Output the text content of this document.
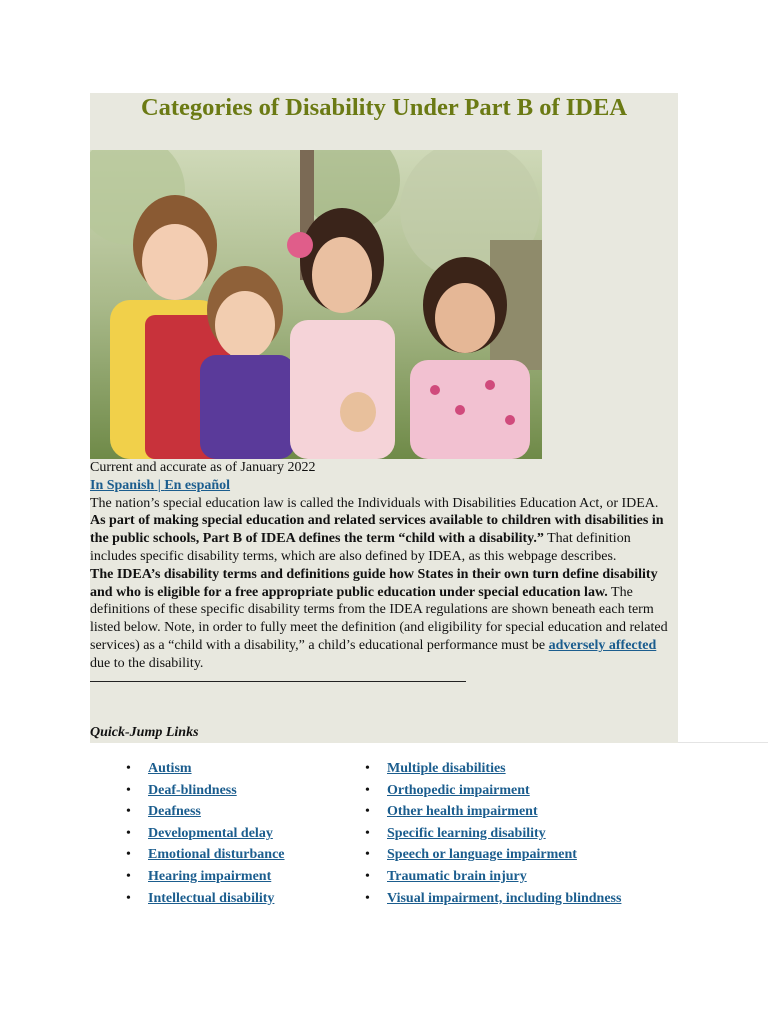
Categories of Disability Under Part B of IDEA

Current and accurate as of January 2022

In Spanish | En español

The nation’s special education law is called the Individuals with Disabilities Education Act, or IDEA. As part of making special education and related services available to children with disabilities in the public schools, Part B of IDEA defines the term “child with a disability.” That definition includes specific disability terms, which are also defined by IDEA, as this webpage describes.

The IDEA’s disability terms and definitions guide how States in their own turn define disability and who is eligible for a free appropriate public education under special education law. The definitions of these specific disability terms from the IDEA regulations are shown beneath each term listed below. Note, in order to fully meet the definition (and eligibility for special education and related services) as a “child with a disability,” a child’s educational performance must be adversely affected due to the disability.

Quick-Jump Links
• Autism
• Deaf-blindness
• Deafness
• Developmental delay
• Emotional disturbance
• Hearing impairment
• Intellectual disability
• Multiple disabilities
• Orthopedic impairment
• Other health impairment
• Specific learning disability
• Speech or language impairment
• Traumatic brain injury
• Visual impairment, including blindness
